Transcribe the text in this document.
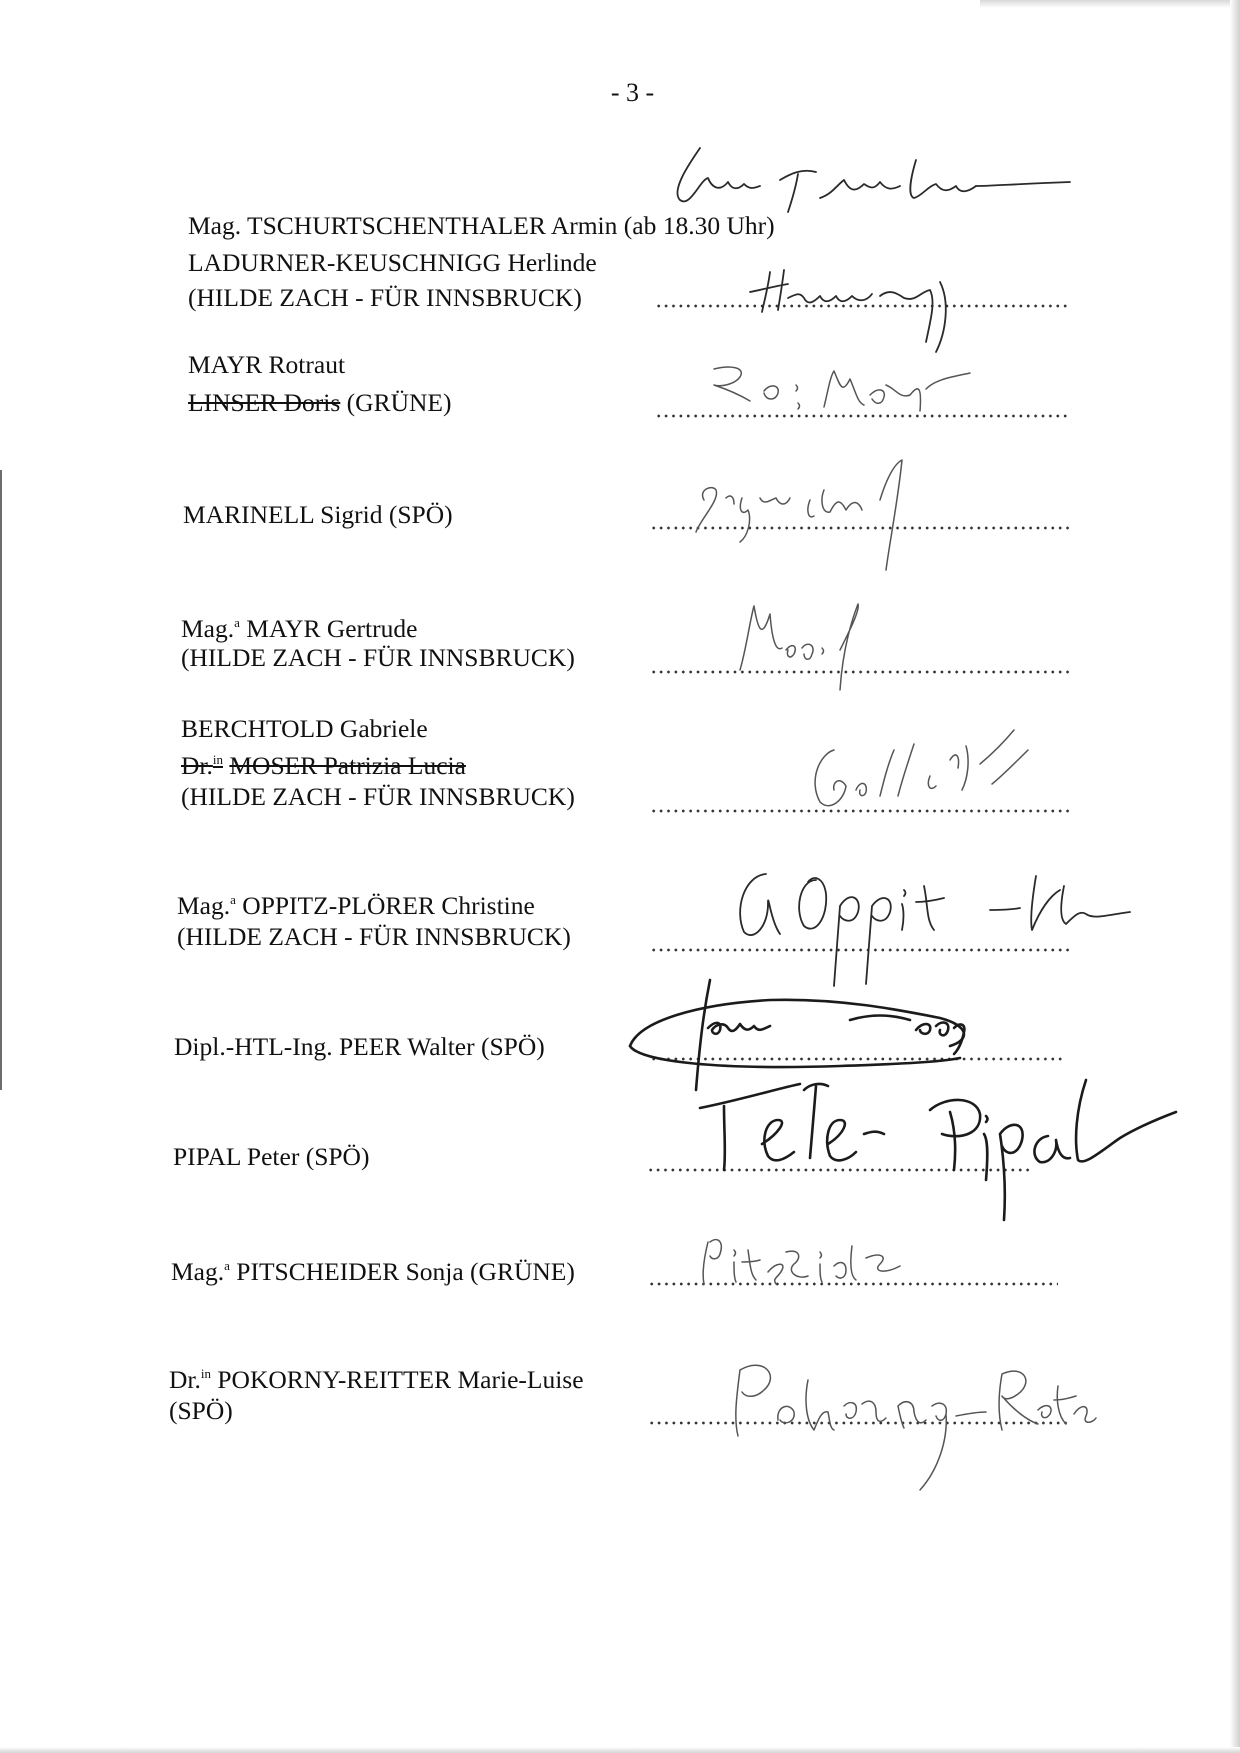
- 3 -
Mag. TSCHURTSCHENTHALER Armin (ab 18.30 Uhr)
LADURNER-KEUSCHNIGG Herlinde
(HILDE ZACH - FÜR INNSBRUCK)
MAYR Rotraut
LINSER Doris (GRÜNE)
MARINELL Sigrid (SPÖ)
Mag.$^a$ MAYR Gertrude
(HILDE ZACH - FÜR INNSBRUCK)
BERCHTOLD Gabriele
Dr.$^{in}$ MOSER Patrizia Lucia
(HILDE ZACH - FÜR INNSBRUCK)
Mag.$^a$ OPPITZ-PLÖRER Christine
(HILDE ZACH - FÜR INNSBRUCK)
Dipl.-HTL-Ing. PEER Walter (SPÖ)
PIPAL Peter (SPÖ)
Mag.$^a$ PITSCHEIDER Sonja (GRÜNE)
Dr.$^{in}$ POKORNY-REITTER Marie-Luise
(SPÖ)
